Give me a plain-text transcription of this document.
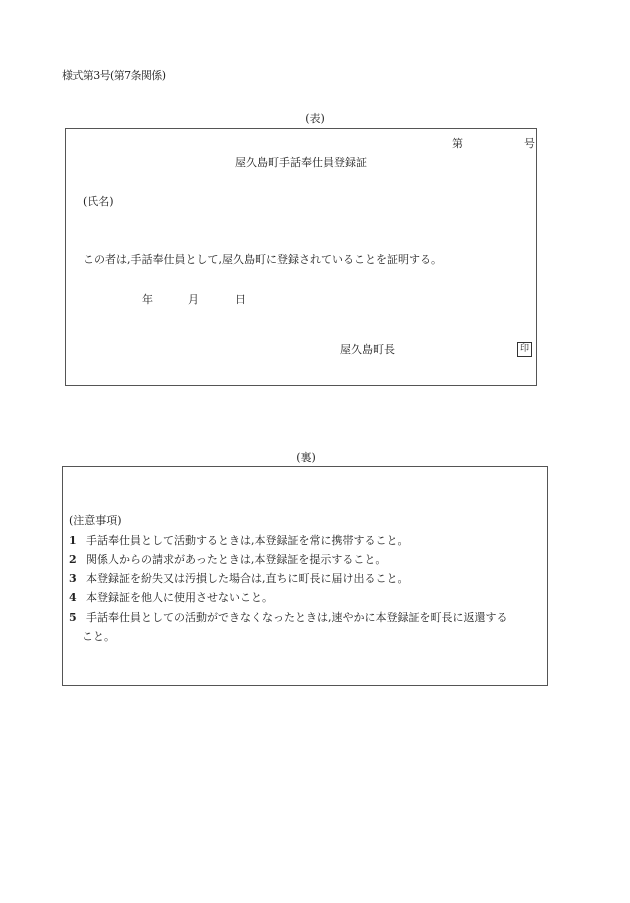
様式第3号(第7条関係)
(表)
第	号
屋久島町手話奉仕員登録証
(氏名)
この者は,手話奉仕員として,屋久島町に登録されていることを証明する。
年	月	日
屋久島町長	印
(裏)
(注意事項)
1 手話奉仕員として活動するときは,本登録証を常に携帯すること。
2 関係人からの請求があったときは,本登録証を提示すること。
3 本登録証を紛失又は汚損した場合は,直ちに町長に届け出ること。
4 本登録証を他人に使用させないこと。
5 手話奉仕員としての活動ができなくなったときは,速やかに本登録証を町長に返還する
こと。
